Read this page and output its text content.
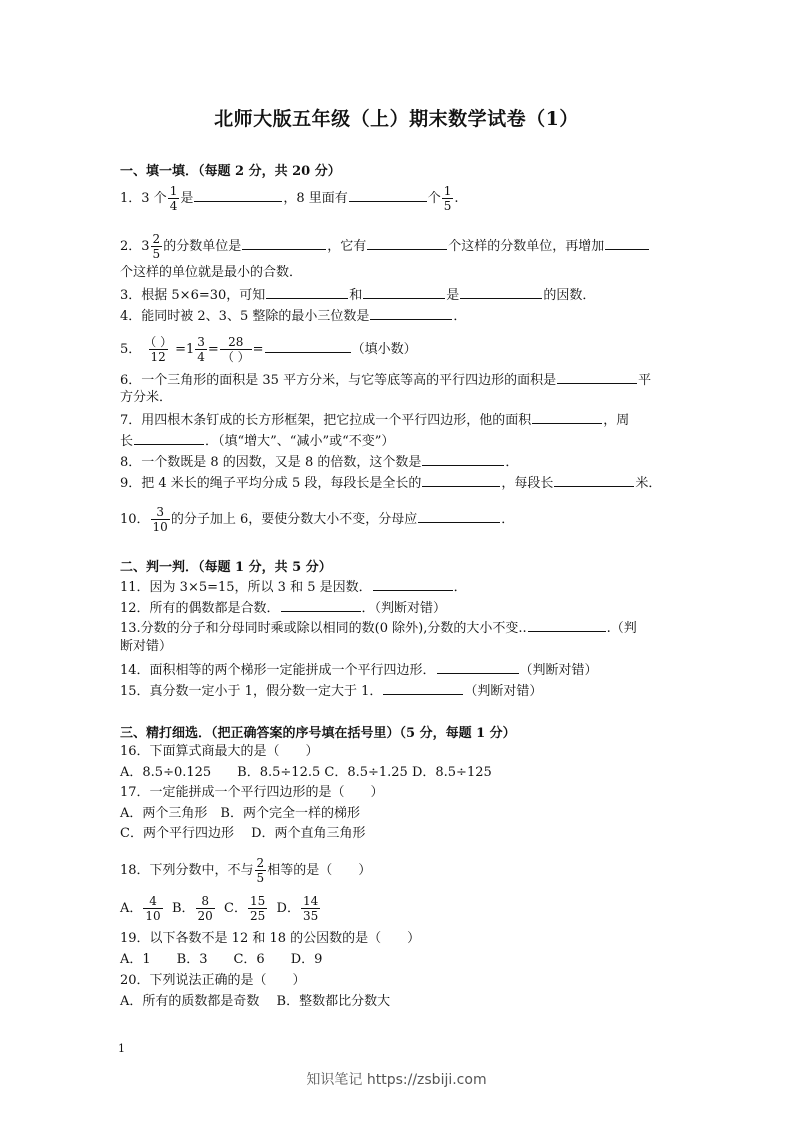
北师大版五年级（上）期末数学试卷（1）
一、填一填．（每题 2 分，共 20 分）
1．3 个 $\frac{1}{4}$ 是	，8 里面有	个 $\frac{1}{5}$ .
2．$3 \frac{2}{5}$ 的分数单位是	，它有	个这样的分数单位，再增加
个这样的单位就是最小的合数．
3．根据 5×6=30，可知	和	是	的因数．
4．能同时被 2、3、5 整除的最小三位数是	．
5． $\frac{( )}{12} =1 \frac{3}{4} = \frac{28}{( )}$ =	（填小数）
6．一个三角形的面积是 35 平方分米，与它等底等高的平行四边形的面积是	平
方分米．
7．用四根木条钉成的长方形框架，把它拉成一个平行四边形，他的面积	，周
长	．（填“增大”、“减小”或“不变”）
8．一个数既是 8 的因数，又是 8 的倍数，这个数是	．
9．把 4 米长的绳子平均分成 5 段，每段长是全长的	，每段长	米．
10． $\frac{3}{10}$ 的分子加上 6，要使分数大小不变，分母应	．
二、判一判．（每题 1 分，共 5 分）
11．因为 3×5=15，所以 3 和 5 是因数．	．
12．所有的偶数都是合数．	．（判断对错）
13.分数的分子和分母同时乘或除以相同的数(0 除外),分数的大小不变..	.（判
断对错）
14．面积相等的两个梯形一定能拼成一个平行四边形．	（判断对错）
15．真分数一定小于 1，假分数一定大于 1．	（判断对错）
三、精打细选．（把正确答案的序号填在括号里）（5 分，每题 1 分）
16．下面算式商最大的是（　　）
A．8.5÷0.125　　B．8.5÷12.5 C．8.5÷1.25 D．8.5÷125
17．一定能拼成一个平行四边形的是（　　）
A．两个三角形　B．两个完全一样的梯形
C．两个平行四边形　 D．两个直角三角形
18．下列分数中，不与 $\frac{2}{5}$ 相等的是（　　）
A． $\frac{4}{10}$ B． $\frac{8}{20}$ C． $\frac{15}{25}$ D． $\frac{14}{35}$
19．以下各数不是 12 和 18 的公因数的是（　　）
A．1　　B．3　　C．6　　D．9
20．下列说法正确的是（　　）
A．所有的质数都是奇数　 B．整数都比分数大
1
知识笔记 https://zsbiji.com
